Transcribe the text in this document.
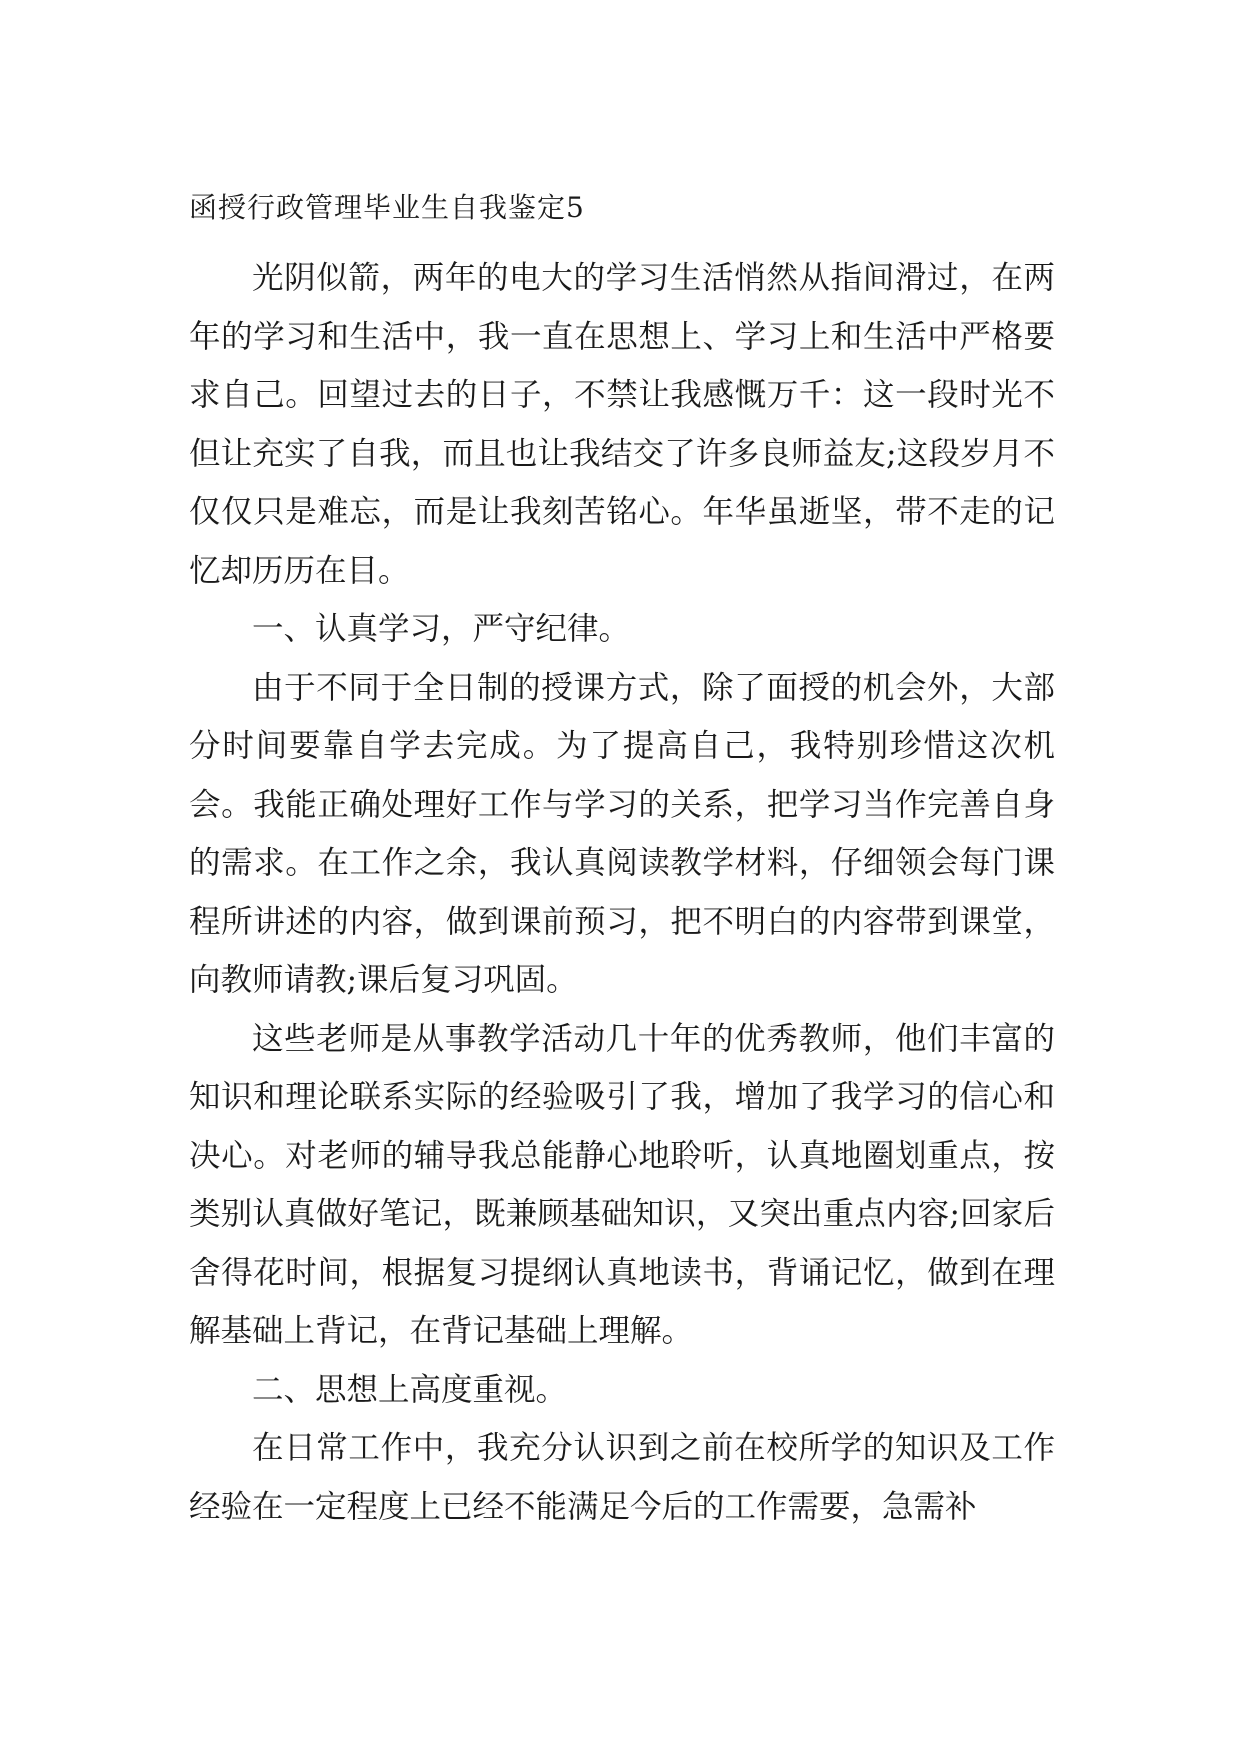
函授行政管理毕业生自我鉴定5

光阴似箭，两年的电大的学习生活悄然从指间滑过，在两年的学习和生活中，我一直在思想上、学习上和生活中严格要求自己。回望过去的日子，不禁让我感慨万千：这一段时光不但让充实了自我，而且也让我结交了许多良师益友;这段岁月不仅仅只是难忘，而是让我刻苦铭心。年华虽逝坚，带不走的记忆却历历在目。

一、认真学习，严守纪律。

由于不同于全日制的授课方式，除了面授的机会外，大部分时间要靠自学去完成。为了提高自己，我特别珍惜这次机会。我能正确处理好工作与学习的关系，把学习当作完善自身的需求。在工作之余，我认真阅读教学材料，仔细领会每门课程所讲述的内容，做到课前预习，把不明白的内容带到课堂，向教师请教;课后复习巩固。

这些老师是从事教学活动几十年的优秀教师，他们丰富的知识和理论联系实际的经验吸引了我，增加了我学习的信心和决心。对老师的辅导我总能静心地聆听，认真地圈划重点，按类别认真做好笔记，既兼顾基础知识，又突出重点内容;回家后舍得花时间，根据复习提纲认真地读书，背诵记忆，做到在理解基础上背记，在背记基础上理解。

二、思想上高度重视。

在日常工作中，我充分认识到之前在校所学的知识及工作经验在一定程度上已经不能满足今后的工作需要，急需补
